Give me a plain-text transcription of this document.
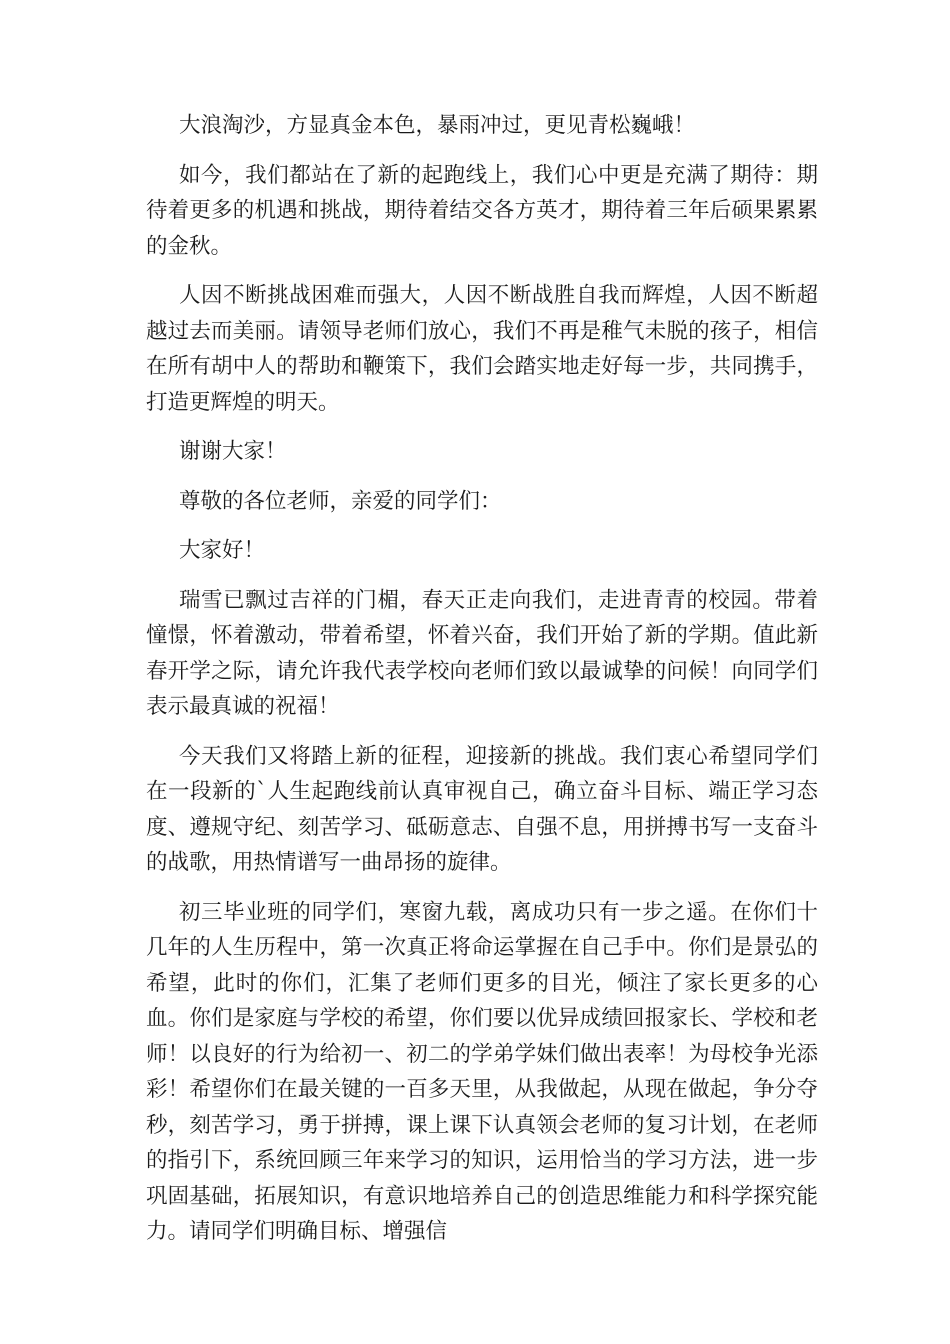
大浪淘沙，方显真金本色，暴雨冲过，更见青松巍峨！

如今，我们都站在了新的起跑线上，我们心中更是充满了期待：期待着更多的机遇和挑战，期待着结交各方英才，期待着三年后硕果累累的金秋。

人因不断挑战困难而强大，人因不断战胜自我而辉煌，人因不断超越过去而美丽。请领导老师们放心，我们不再是稚气未脱的孩子，相信在所有胡中人的帮助和鞭策下，我们会踏实地走好每一步，共同携手，打造更辉煌的明天。

谢谢大家！

尊敬的各位老师，亲爱的同学们：

大家好！

瑞雪已飘过吉祥的门楣，春天正走向我们，走进青青的校园。带着憧憬，怀着激动，带着希望，怀着兴奋，我们开始了新的学期。值此新春开学之际，请允许我代表学校向老师们致以最诚挚的问候！向同学们表示最真诚的祝福！

今天我们又将踏上新的征程，迎接新的挑战。我们衷心希望同学们在一段新的`人生起跑线前认真审视自己，确立奋斗目标、端正学习态度、遵规守纪、刻苦学习、砥砺意志、自强不息，用拼搏书写一支奋斗的战歌，用热情谱写一曲昂扬的旋律。

初三毕业班的同学们，寒窗九载，离成功只有一步之遥。在你们十几年的人生历程中，第一次真正将命运掌握在自己手中。你们是景弘的希望，此时的你们，汇集了老师们更多的目光，倾注了家长更多的心血。你们是家庭与学校的希望，你们要以优异成绩回报家长、学校和老师！以良好的行为给初一、初二的学弟学妹们做出表率！为母校争光添彩！希望你们在最关键的一百多天里，从我做起，从现在做起，争分夺秒，刻苦学习，勇于拼搏，课上课下认真领会老师的复习计划，在老师的指引下，系统回顾三年来学习的知识，运用恰当的学习方法，进一步巩固基础，拓展知识，有意识地培养自己的创造思维能力和科学探究能力。请同学们明确目标、增强信
